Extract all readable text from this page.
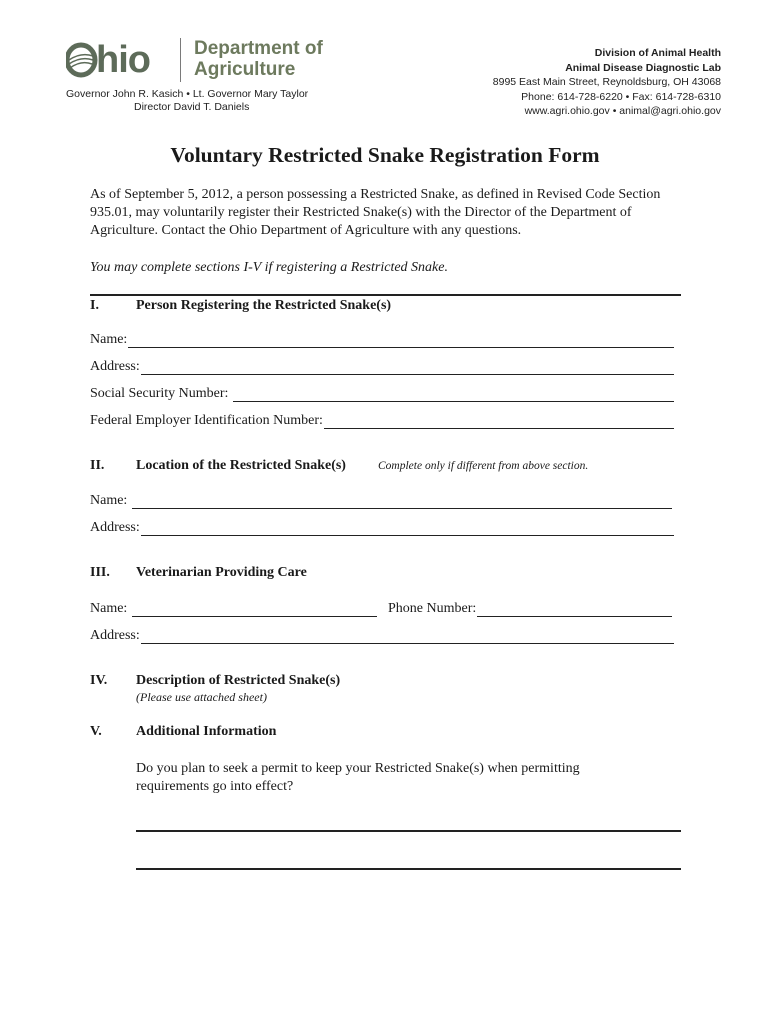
hio Department of
Agriculture
Governor John R. Kasich • Lt. Governor Mary Taylor
Director David T. Daniels
Division of Animal Health
Animal Disease Diagnostic Lab
8995 East Main Street, Reynoldsburg, OH 43068
Phone: 614-728-6220 • Fax: 614-728-6310
www.agri.ohio.gov • animal@agri.ohio.gov
Voluntary Restricted Snake Registration Form
As of September 5, 2012, a person possessing a Restricted Snake, as defined in Revised Code Section 935.01, may voluntarily register their Restricted Snake(s) with the Director of the Department of Agriculture. Contact the Ohio Department of Agriculture with any questions.
You may complete sections I-V if registering a Restricted Snake.
I.	Person Registering the Restricted Snake(s)
Name:
Address:
Social Security Number:
Federal Employer Identification Number:
II. Location of the Restricted Snake(s)	Complete only if different from above section.
Name:
Address:
III. Veterinarian Providing Care
Name:	Phone Number:
Address:
IV. Description of Restricted Snake(s)
(Please use attached sheet)
V. Additional Information
Do you plan to seek a permit to keep your Restricted Snake(s) when permitting requirements go into effect?
